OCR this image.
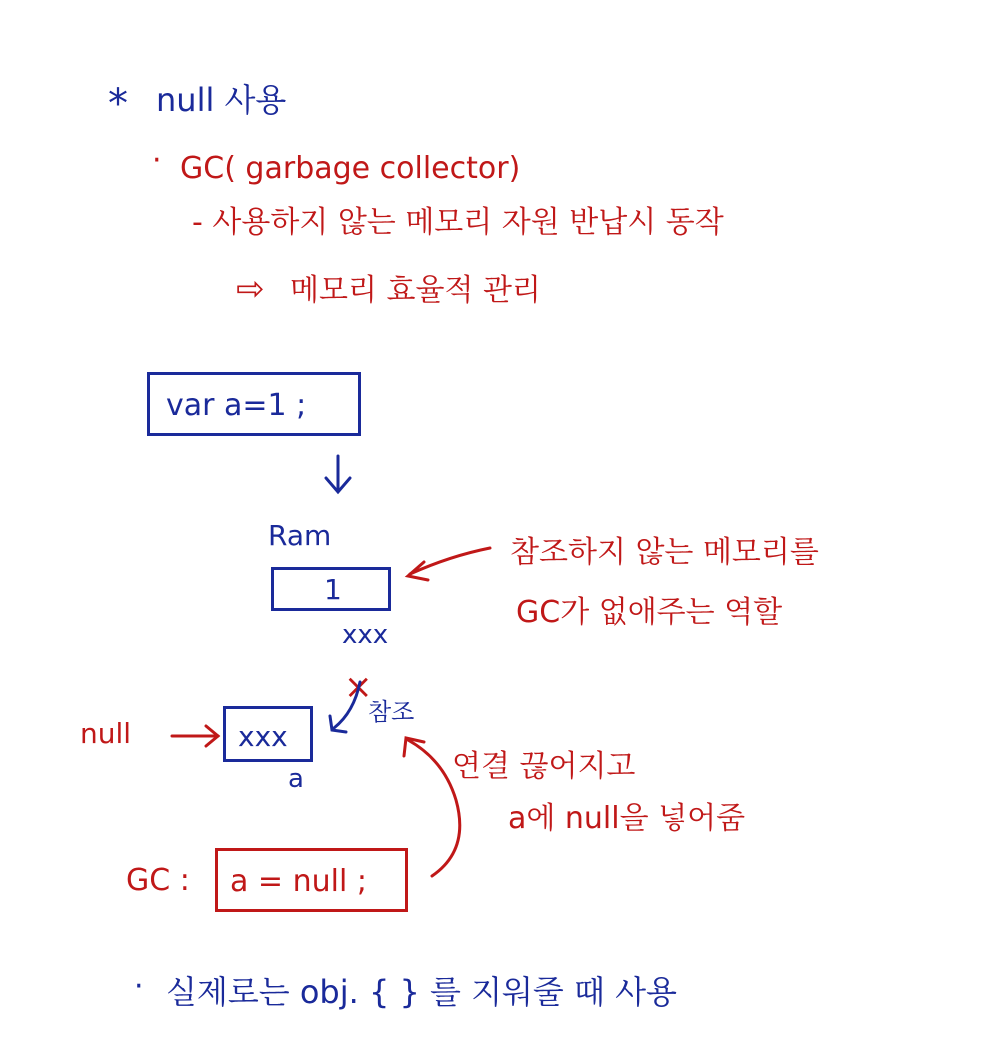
* null 사용
· GC( garbage collector)
- 사용하지 않는 메모리 자원 반납시 동작
⇨ 메모리 효율적 관리
var a=1 ;
Ram
1
xxx
참조하지 않는 메모리를
GC가 없애주는 역할
×
참조
null	xxx
a	연결 끊어지고
a에 null을 넣어줌
GC : a = null ;
· 실제로는 obj. { } 를 지워줄 때 사용
